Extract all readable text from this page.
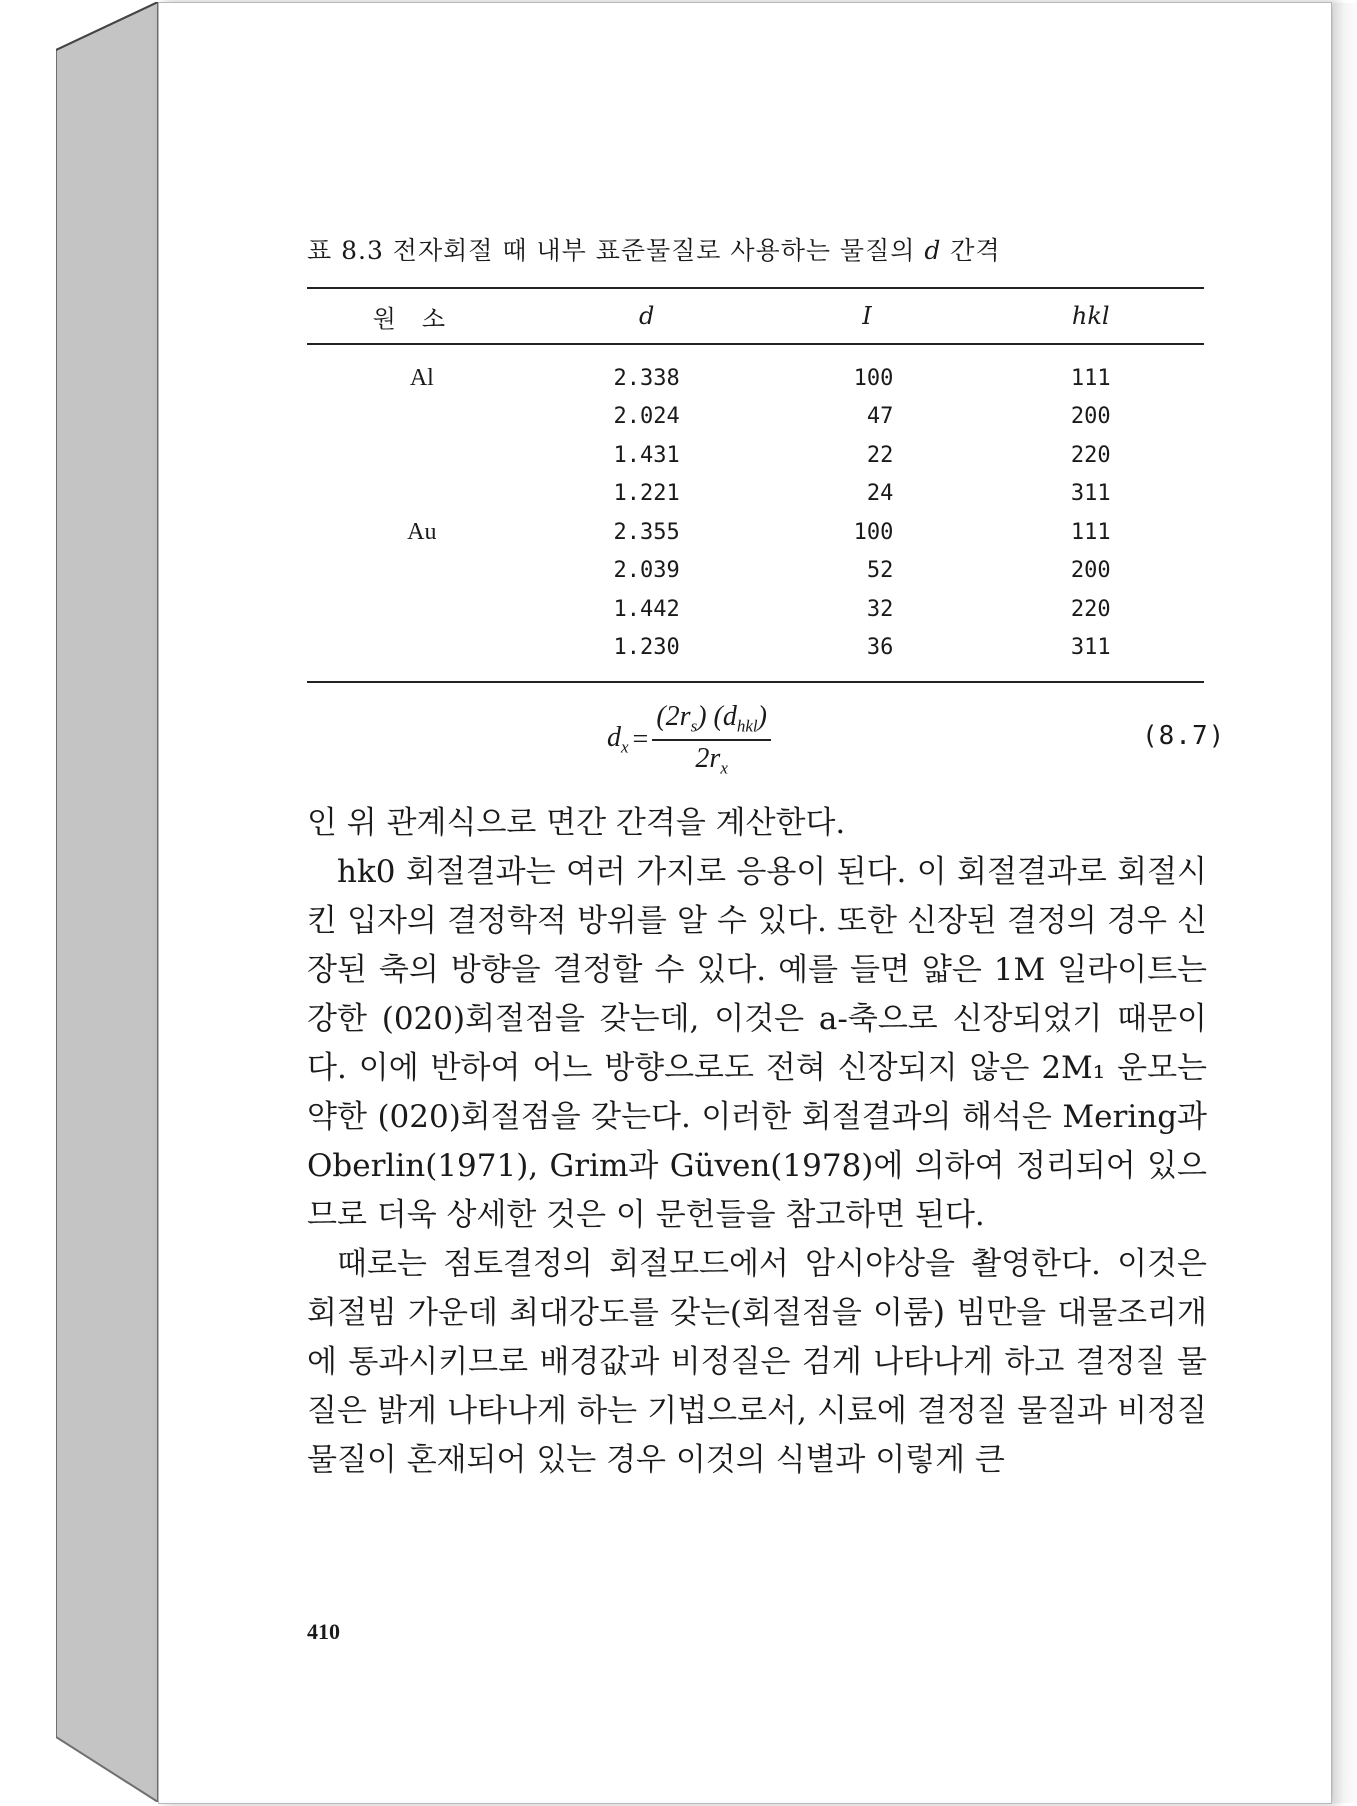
표 8.3 전자회절 때 내부 표준물질로 사용하는 물질의 d 간격
원소	d	I	hkl
Al	2.338	100	111
	2.024	47	200
	1.431	22	220
	1.221	24	311
Au	2.355	100	111
	2.039	52	200
	1.442	32	220
	1.230	36	311
$d_x = \frac{(2r_s) (d_{hkl})}{2r_x}$	(8.7)

인 위 관계식으로 면간 간격을 계산한다.

hk0 회절결과는 여러 가지로 응용이 된다. 이 회절결과로 회절시킨 입자의 결정학적 방위를 알 수 있다. 또한 신장된 결정의 경우 신장된 축의 방향을 결정할 수 있다. 예를 들면 얇은 1M 일라이트는 강한 (020)회절점을 갖는데, 이것은 a-축으로 신장되었기 때문이다. 이에 반하여 어느 방향으로도 전혀 신장되지 않은 2M₁ 운모는 약한 (020)회절점을 갖는다. 이러한 회절결과의 해석은 Mering과 Oberlin(1971), Grim과 Güven(1978)에 의하여 정리되어 있으므로 더욱 상세한 것은 이 문헌들을 참고하면 된다.

때로는 점토결정의 회절모드에서 암시야상을 촬영한다. 이것은 회절빔 가운데 최대강도를 갖는(회절점을 이룸) 빔만을 대물조리개에 통과시키므로 배경값과 비정질은 검게 나타나게 하고 결정질 물질은 밝게 나타나게 하는 기법으로서, 시료에 결정질 물질과 비정질 물질이 혼재되어 있는 경우 이것의 식별과 이렇게 큰

410
